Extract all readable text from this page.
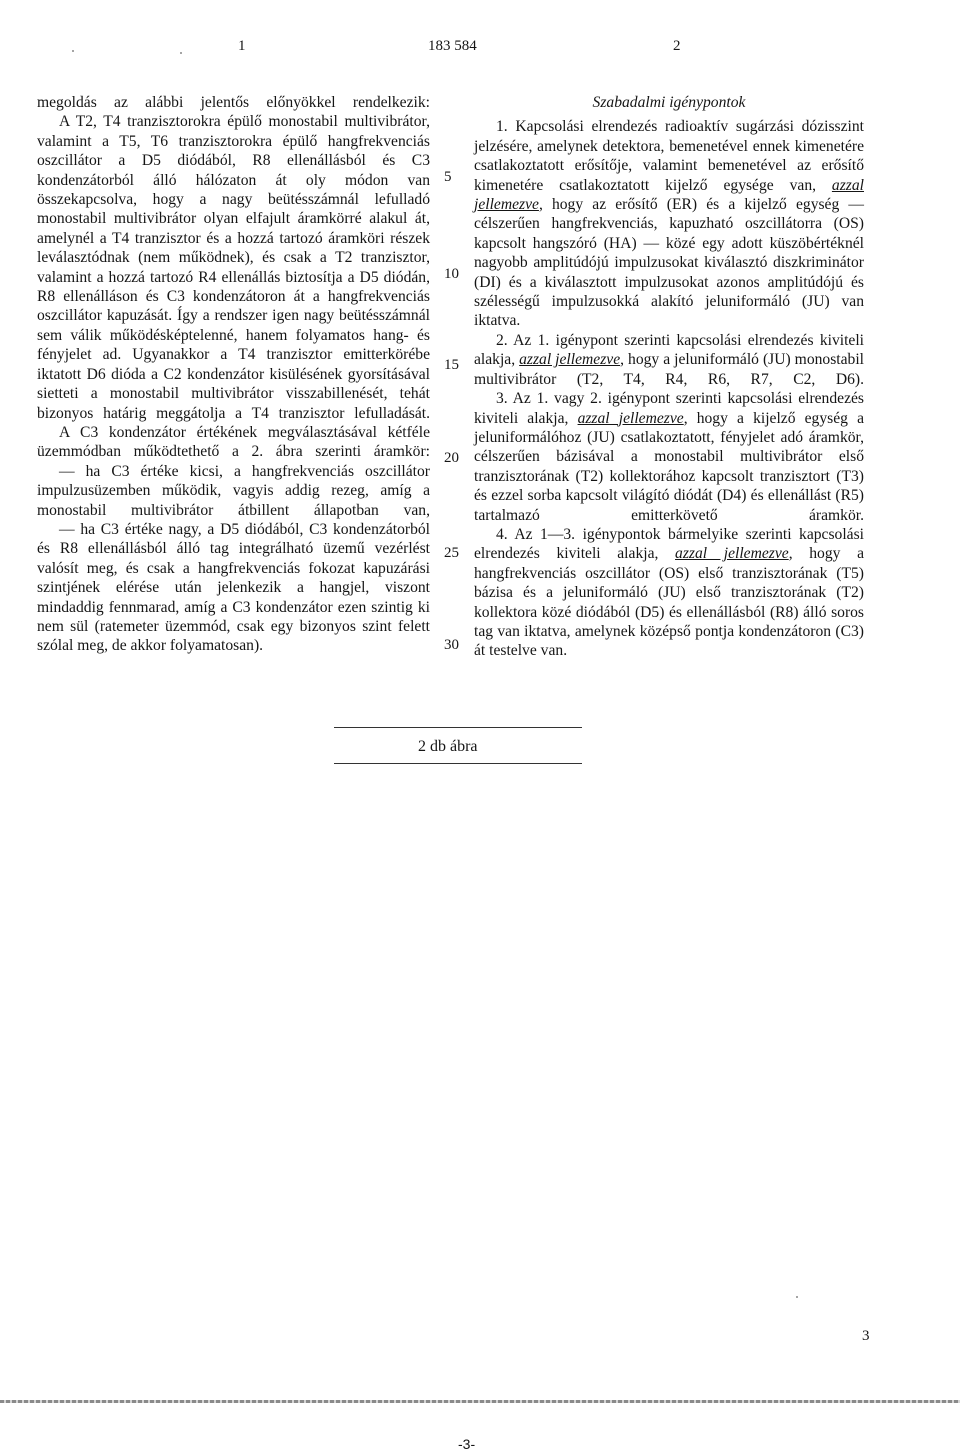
1	183 584	2

megoldás az alábbi jelentős előnyökkel rendelkezik:

A T2, T4 tranzisztorokra épülő monostabil multivibrátor, valamint a T5, T6 tranzisztorokra épülő hangfrekvenciás oszcillátor a D5 diódából, R8 ellenállásból és C3 kondenzátorból álló hálózaton át oly módon van összekapcsolva, hogy a nagy beütésszámnál lefulladó monostabil multivibrátor olyan elfajult áramkörré alakul át, amelynél a T4 tranzisztor és a hozzá tartozó áramköri részek leválasztódnak (nem működnek), és csak a T2 tranzisztor, valamint a hozzá tartozó R4 ellenállás biztosítja a D5 diódán, R8 ellenálláson és C3 kondenzátoron át a hangfrekvenciás oszcillátor kapuzását. Így a rendszer igen nagy beütésszámnál sem válik működésképtelenné, hanem folyamatos hang- és fényjelet ad. Ugyanakkor a T4 tranzisztor emitterkörébe iktatott D6 dióda a C2 kondenzátor kisülésének gyorsításával sietteti a monostabil multivibrátor visszabillenését, tehát bizonyos határig meggátolja a T4 tranzisztor lefulladását.

A C3 kondenzátor értékének megválasztásával kétféle üzemmódban működtethető a 2. ábra szerinti áramkör:

— ha C3 értéke kicsi, a hangfrekvenciás oszcillátor impulzusüzemben működik, vagyis addig rezeg, amíg a monostabil multivibrátor átbillent állapotban van,

— ha C3 értéke nagy, a D5 diódából, C3 kondenzátorból és R8 ellenállásból álló tag integrálható üzemű vezérlést valósít meg, és csak a hangfrekvenciás fokozat kapuzárási szintjének elérése után jelenkezik a hangjel, viszont mindaddig fennmarad, amíg a C3 kondenzátor ezen szintig ki nem sül (ratemeter üzemmód, csak egy bizonyos szint felett szólal meg, de akkor folyamatosan).

5
10
15
20
25
30
Szabadalmi igénypontok

1. Kapcsolási elrendezés radioaktív sugárzási dózisszint jelzésére, amelynek detektora, bemenetével ennek kimenetére csatlakoztatott erősítője, valamint bemenetével az erősítő kimenetére csatlakoztatott kijelző egysége van, azzal jellemezve, hogy az erősítő (ER) és a kijelző egység — célszerűen hangfrekvenciás, kapuzható oszcillátorra (OS) kapcsolt hangszóró (HA) — közé egy adott küszöbértéknél nagyobb amplitúdójú impulzusokat kiválasztó diszkriminátor (DI) és a kiválasztott impulzusokat azonos amplitúdójú és szélességű impulzusokká alakító jeluniformáló (JU) van iktatva.

2. Az 1. igénypont szerinti kapcsolási elrendezés kiviteli alakja, azzal jellemezve, hogy a jeluniformáló (JU) monostabil multivibrátor (T2, T4, R4, R6, R7, C2, D6).

3. Az 1. vagy 2. igénypont szerinti kapcsolási elrendezés kiviteli alakja, azzal jellemezve, hogy a kijelző egység a jeluniformálóhoz (JU) csatlakoztatott, fényjelet adó áramkör, célszerűen bázisával a monostabil multivibrátor első tranzisztorának (T2) kollektorához kapcsolt tranzisztort (T3) és ezzel sorba kapcsolt világító diódát (D4) és ellenállást (R5) tartalmazó emitterkövető áramkör.

4. Az 1—3. igénypontok bármelyike szerinti kapcsolási elrendezés kiviteli alakja, azzal jellemezve, hogy a hangfrekvenciás oszcillátor (OS) első tranzisztorának (T5) bázisa és a jeluniformáló (JU) első tranzisztorának (T2) kollektora közé diódából (D5) és ellenállásból (R8) álló soros tag van iktatva, amelynek középső pontja kondenzátoron (C3) át testelve van.

2 db ábra
3
-3-
